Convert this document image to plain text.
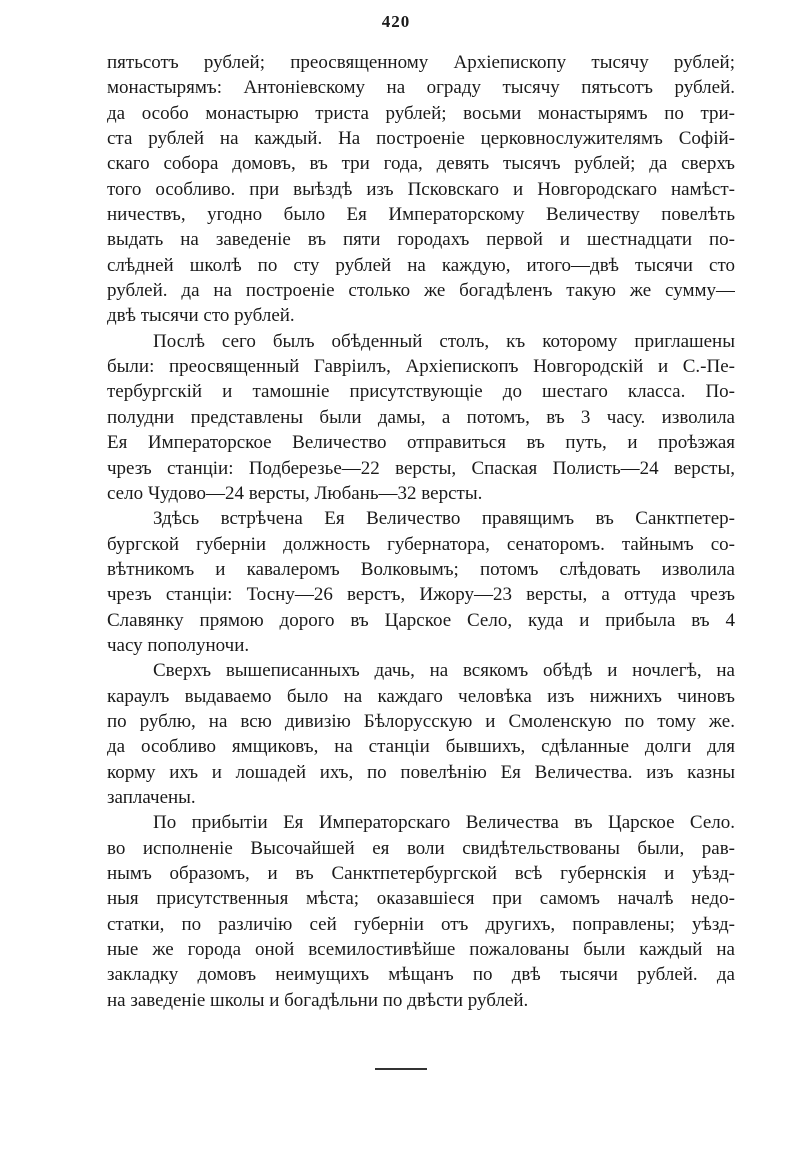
420
пятьсотъ рублей; преосвященному Архіепископу тысячу рублей;
монастырямъ: Антоніевскому на ограду тысячу пятьсотъ рублей.
да особо монастырю триста рублей; восьми монастырямъ по три-
ста рублей на каждый. На построеніе церковнослужителямъ Софій-
скаго собора домовъ, въ три года, девять тысячъ рублей; да сверхъ
того особливо. при выѣздѣ изъ Псковскаго и Новгородскаго намѣст-
ничествъ, угодно было Ея Императорскому Величеству повелѣть
выдать на заведеніе въ пяти городахъ первой и шестнадцати по-
слѣдней школѣ по сту рублей на каждую, итого—двѣ тысячи сто
рублей. да на построеніе столько же богадѣленъ такую же сумму—
двѣ тысячи сто рублей.
Послѣ сего былъ обѣденный столъ, къ которому приглашены
были: преосвященный Гавріилъ, Архіепископъ Новгородскій и С.-Пе-
тербургскій и тамошніе присутствующіе до шестаго класса. По-
полудни представлены были дамы, а потомъ, въ 3 часу. изволила
Ея Императорское Величество отправиться въ путь, и проѣзжая
чрезъ станціи: Подберезье—22 версты, Спаская Полисть—24 версты,
село Чудово—24 версты, Любань—32 версты.
Здѣсь встрѣчена Ея Величество правящимъ въ Санктпетер-
бургской губерніи должность губернатора, сенаторомъ. тайнымъ со-
вѣтникомъ и кавалеромъ Волковымъ; потомъ слѣдовать изволила
чрезъ станціи: Тосну—26 верстъ, Ижору—23 версты, а оттуда чрезъ
Славянку прямою дорого въ Царское Село, куда и прибыла въ 4
часу пополуночи.
Сверхъ вышеписанныхъ дачь, на всякомъ обѣдѣ и ночлегѣ, на
караулъ выдаваемо было на каждаго человѣка изъ нижнихъ чиновъ
по рублю, на всю дивизію Бѣлорусскую и Смоленскую по тому же.
да особливо ямщиковъ, на станціи бывшихъ, сдѣланные долги для
корму ихъ и лошадей ихъ, по повелѣнію Ея Величества. изъ казны
заплачены.
По прибытіи Ея Императорскаго Величества въ Царское Село.
во исполненіе Высочайшей ея воли свидѣтельствованы были, рав-
нымъ образомъ, и въ Санктпетербургской всѣ губернскія и уѣзд-
ныя присутственныя мѣста; оказавшіеся при самомъ началѣ недо-
статки, по различію сей губерніи отъ другихъ, поправлены; уѣзд-
ные же города оной всемилостивѣйше пожалованы были каждый на
закладку домовъ неимущихъ мѣщанъ по двѣ тысячи рублей. да
на заведеніе школы и богадѣльни по двѣсти рублей.
